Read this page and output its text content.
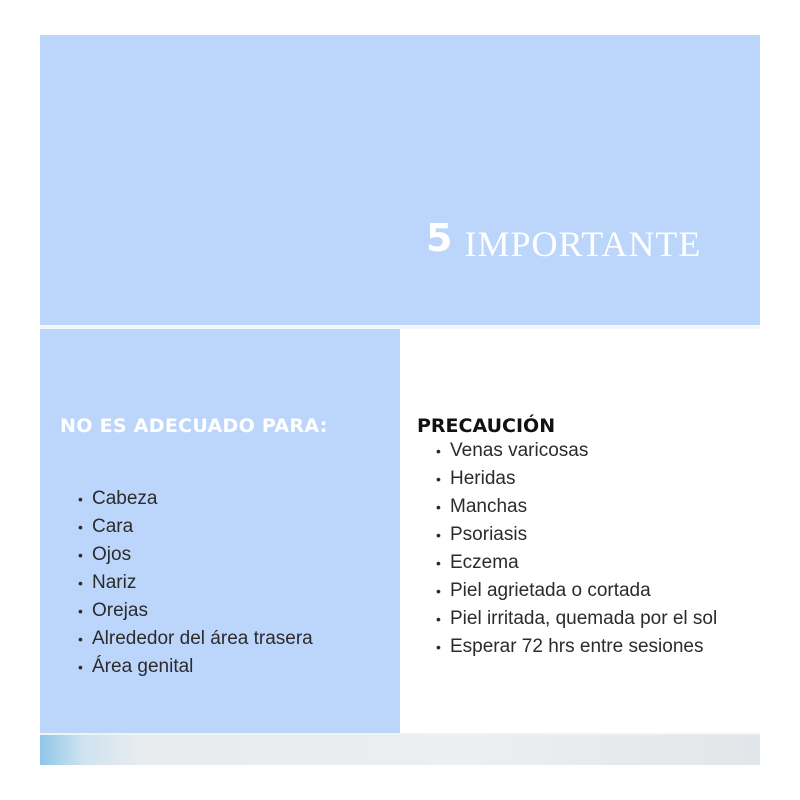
5 IMPORTANTE
NO ES ADECUADO PARA:
• Cabeza
• Cara
• Ojos
• Nariz
• Orejas
• Alrededor del área trasera
• Área genital
PRECAUCIÓN
• Venas varicosas
• Heridas
• Manchas
• Psoriasis
• Eczema
• Piel agrietada o cortada
• Piel irritada, quemada por el sol
• Esperar 72 hrs entre sesiones
